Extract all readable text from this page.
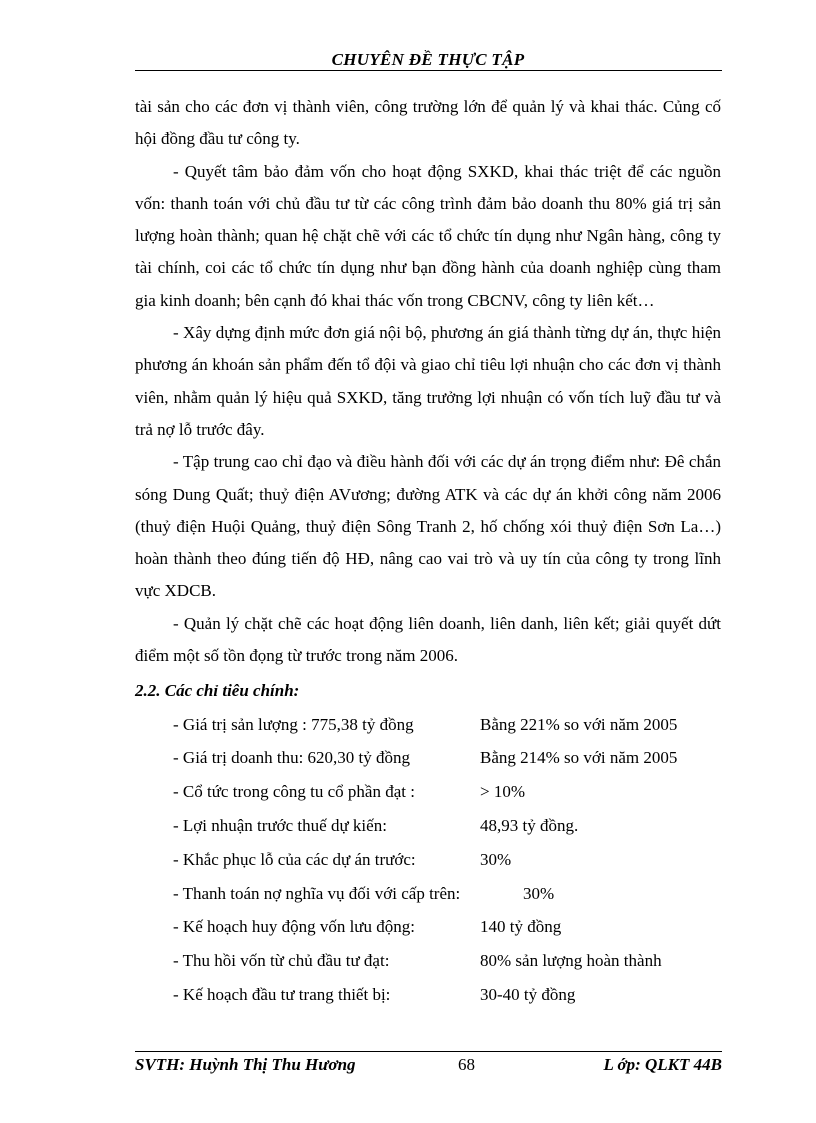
CHUYÊN ĐỀ THỰC TẬP

tài sản cho các đơn vị thành viên, công trường lớn để quản lý và khai thác. Củng cố hội đồng đầu tư công ty.

- Quyết tâm bảo đảm vốn cho hoạt động SXKD, khai thác triệt để các nguồn vốn: thanh toán với chủ đầu tư từ các công trình đảm bảo doanh thu 80% giá trị sản lượng hoàn thành; quan hệ chặt chẽ với các tổ chức tín dụng như Ngân hàng, công ty tài chính, coi các tổ chức tín dụng như bạn đồng hành của doanh nghiệp cùng tham gia kinh doanh; bên cạnh đó khai thác vốn trong CBCNV, công ty liên kết…

- Xây dựng định mức đơn giá nội bộ, phương án giá thành từng dự án, thực hiện phương án khoán sản phẩm đến tổ đội và giao chỉ tiêu lợi nhuận cho các đơn vị thành viên, nhằm quản lý hiệu quả SXKD, tăng trưởng lợi nhuận có vốn tích luỹ đầu tư và trả nợ lỗ trước đây.

- Tập trung cao chỉ đạo và điều hành đối với các dự án trọng điểm như: Đê chắn sóng Dung Quất; thuỷ điện AVương; đường ATK và các dự án khởi công năm 2006 (thuỷ điện Huội Quảng, thuỷ điện Sông Tranh 2, hố chống xói thuỷ điện Sơn La…) hoàn thành theo đúng tiến độ HĐ, nâng cao vai trò và uy tín của công ty trong lĩnh vực XDCB.

- Quản lý chặt chẽ các hoạt động liên doanh, liên danh, liên kết; giải quyết dứt điểm một số tồn đọng từ trước trong năm 2006.

2.2. Các chỉ tiêu chính:

- Giá trị sản lượng : 775,38 tỷ đồng	Bằng 221% so với năm 2005
- Giá trị doanh thu: 620,30 tỷ đồng	Bằng 214% so với năm 2005
- Cổ tức trong công tu cổ phần đạt :	> 10%
- Lợi nhuận trước thuế dự kiến:	48,93 tỷ đồng.
- Khắc phục lỗ của các dự án trước:	30%
- Thanh toán nợ nghĩa vụ đối với cấp trên:	30%
- Kế hoạch huy động vốn lưu động:	140 tỷ đồng
- Thu hồi vốn từ chủ đầu tư đạt:	80% sản lượng hoàn thành
- Kế hoạch đầu tư trang thiết bị:	30-40 tỷ đồng
SVTH: Huỳnh Thị Thu Hương	68	L ớp: QLKT 44B
